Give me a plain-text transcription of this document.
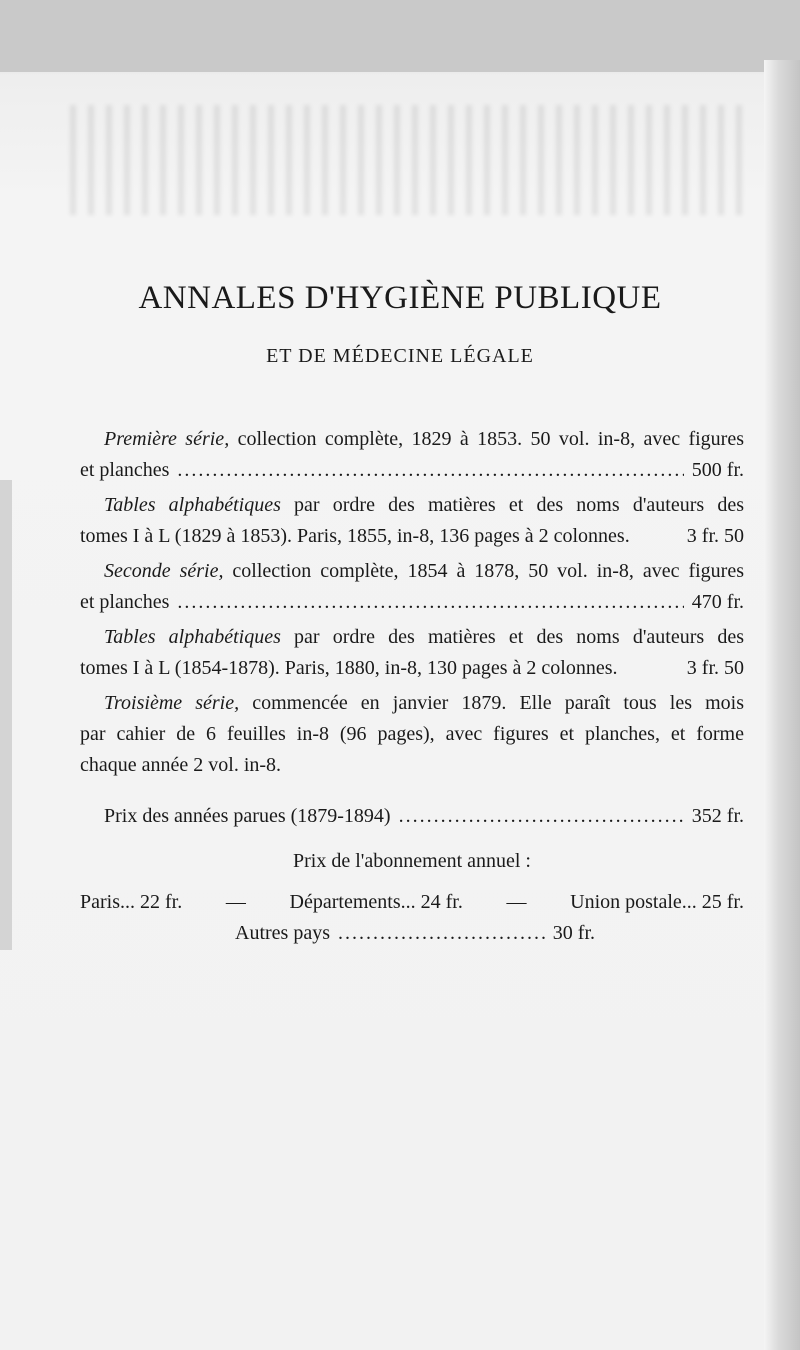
ANNALES D'HYGIÈNE PUBLIQUE
ET DE MÉDECINE LÉGALE
Première série, collection complète, 1829 à 1853. 50 vol. in-8, avec figures
et planches .....	500 fr.
Tables alphabétiques par ordre des matières et des noms d'auteurs des
tomes I à L (1829 à 1853). Paris, 1855, in-8, 136 pages à 2 colonnes.	3 fr. 50
Seconde série, collection complète, 1854 à 1878, 50 vol. in-8, avec figures
et planches .....	470 fr.
Tables alphabétiques par ordre des matières et des noms d'auteurs des
tomes I à L (1854-1878). Paris, 1880, in-8, 130 pages à 2 colonnes.	3 fr. 50
Troisième série, commencée en janvier 1879. Elle paraît tous les mois
par cahier de 6 feuilles in-8 (96 pages), avec figures et planches, et forme
chaque année 2 vol. in-8.
Prix des années parues (1879-1894) .....	352 fr.
Prix de l'abonnement annuel :
Paris... 22 fr. — Départements... 24 fr. — Union postale... 25 fr.
Autres pays .....	30 fr.
